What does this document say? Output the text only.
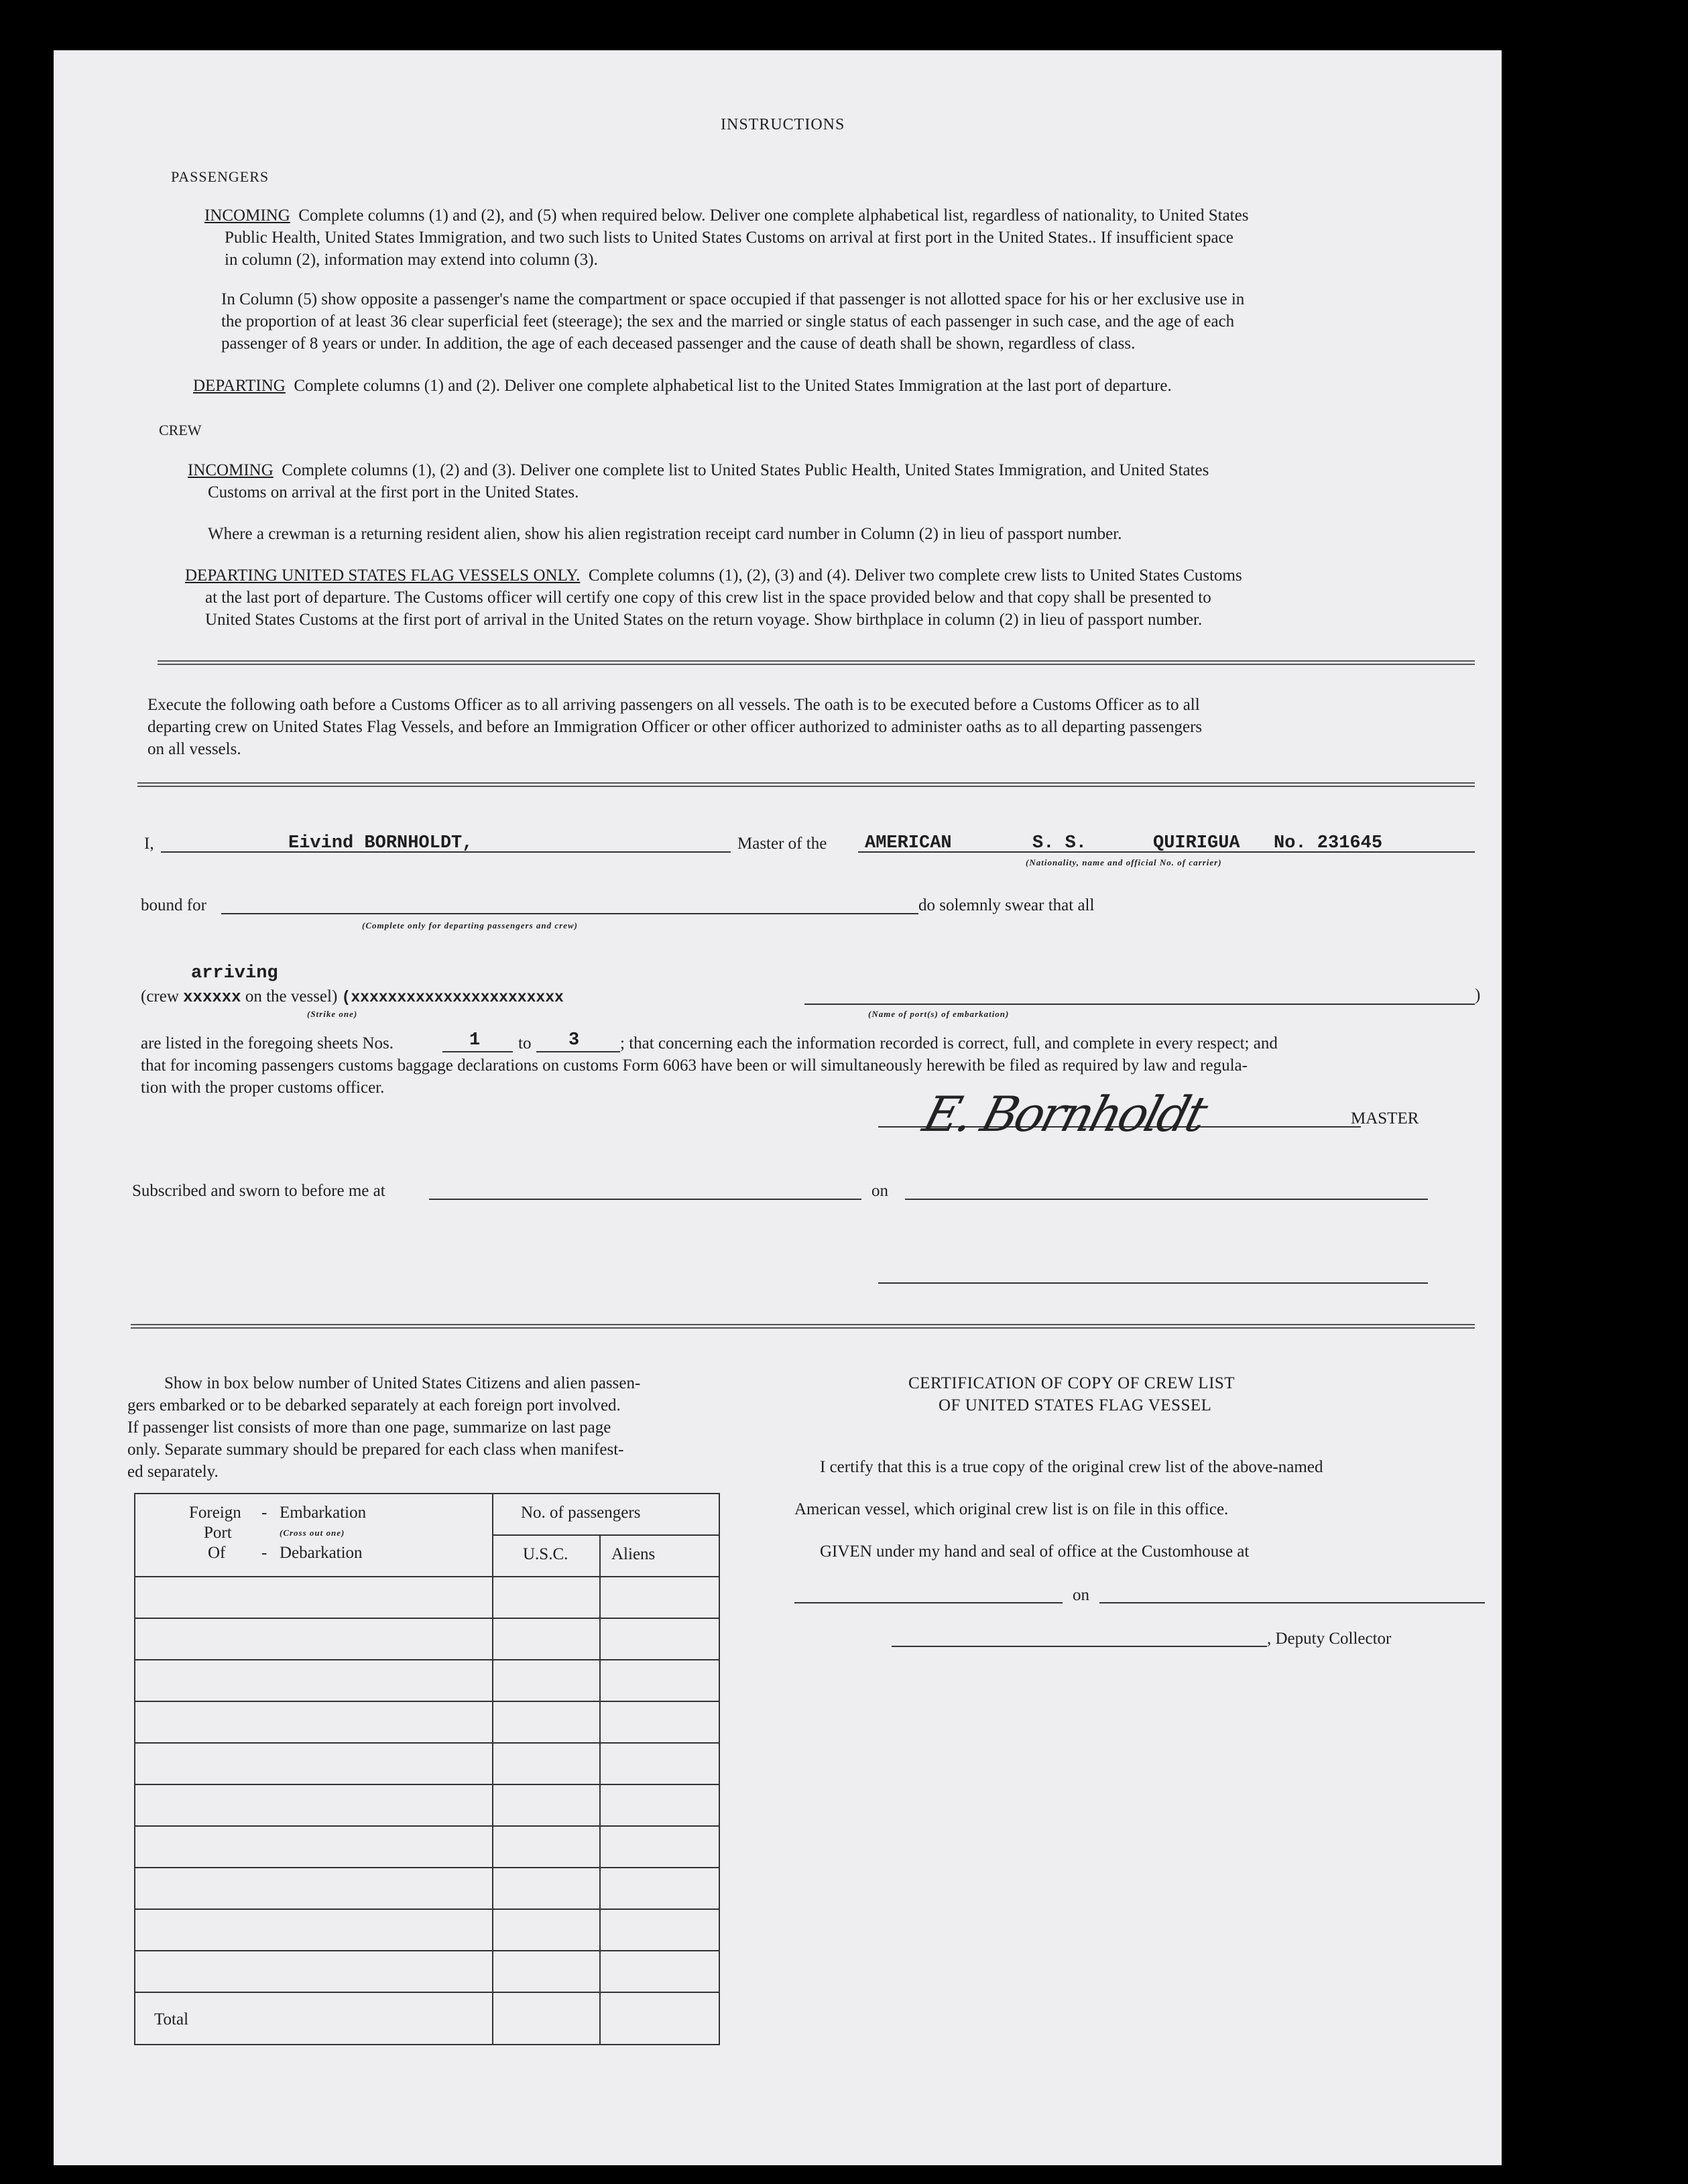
INSTRUCTIONS
PASSENGERS
INCOMING Complete columns (1) and (2), and (5) when required below. Deliver one complete alphabetical list, regardless of nationality, to United States
Public Health, United States Immigration, and two such lists to United States Customs on arrival at first port in the United States.. If insufficient space
in column (2), information may extend into column (3).
In Column (5) show opposite a passenger's name the compartment or space occupied if that passenger is not allotted space for his or her exclusive use in
the proportion of at least 36 clear superficial feet (steerage); the sex and the married or single status of each passenger in such case, and the age of each
passenger of 8 years or under. In addition, the age of each deceased passenger and the cause of death shall be shown, regardless of class.
DEPARTING Complete columns (1) and (2). Deliver one complete alphabetical list to the United States Immigration at the last port of departure.
CREW
INCOMING Complete columns (1), (2) and (3). Deliver one complete list to United States Public Health, United States Immigration, and United States
Customs on arrival at the first port in the United States.
Where a crewman is a returning resident alien, show his alien registration receipt card number in Column (2) in lieu of passport number.
DEPARTING UNITED STATES FLAG VESSELS ONLY. Complete columns (1), (2), (3) and (4). Deliver two complete crew lists to United States Customs
at the last port of departure. The Customs officer will certify one copy of this crew list in the space provided below and that copy shall be presented to
United States Customs at the first port of arrival in the United States on the return voyage. Show birthplace in column (2) in lieu of passport number.
Execute the following oath before a Customs Officer as to all arriving passengers on all vessels. The oath is to be executed before a Customs Officer as to all
departing crew on United States Flag Vessels, and before an Immigration Officer or other officer authorized to administer oaths as to all departing passengers
on all vessels.
I,	Eivind BORNHOLDT,	Master of the AMERICAN	S. S.	QUIRIGUA No. 231645
(Nationality, name and official No. of carrier)
bound for
(Complete only for departing passengers and crew)
do solemnly swear that all
arriving
(crew xxxxxx on the vessel) (xxxxxxxxxxxxxxxxxxxxxxx
(Strike one)
)
(Name of port(s) of embarkation)
are listed in the foregoing sheets Nos.	1 to 3 ; that concerning each the information recorded is correct, full, and complete in every respect; and
that for incoming passengers customs baggage declarations on customs Form 6063 have been or will simultaneously herewith be filed as required by law and regula-
tion with the proper customs officer.	E. Bornholdt	MASTER
Subscribed and sworn to before me at	on
Show in box below number of United States Citizens and alien passen-
gers embarked or to be debarked separately at each foreign port involved.
If passenger list consists of more than one page, summarize on last page
only. Separate summary should be prepared for each class when manifest-
ed separately.
Foreign - Embarkation
Port	(Cross out one)
Of - Debarkation
No. of passengers
U.S.C.	Aliens
Total
CERTIFICATION OF COPY OF CREW LIST
OF UNITED STATES FLAG VESSEL
I certify that this is a true copy of the original crew list of the above-named
American vessel, which original crew list is on file in this office.
GIVEN under my hand and seal of office at the Customhouse at
on
, Deputy Collector
